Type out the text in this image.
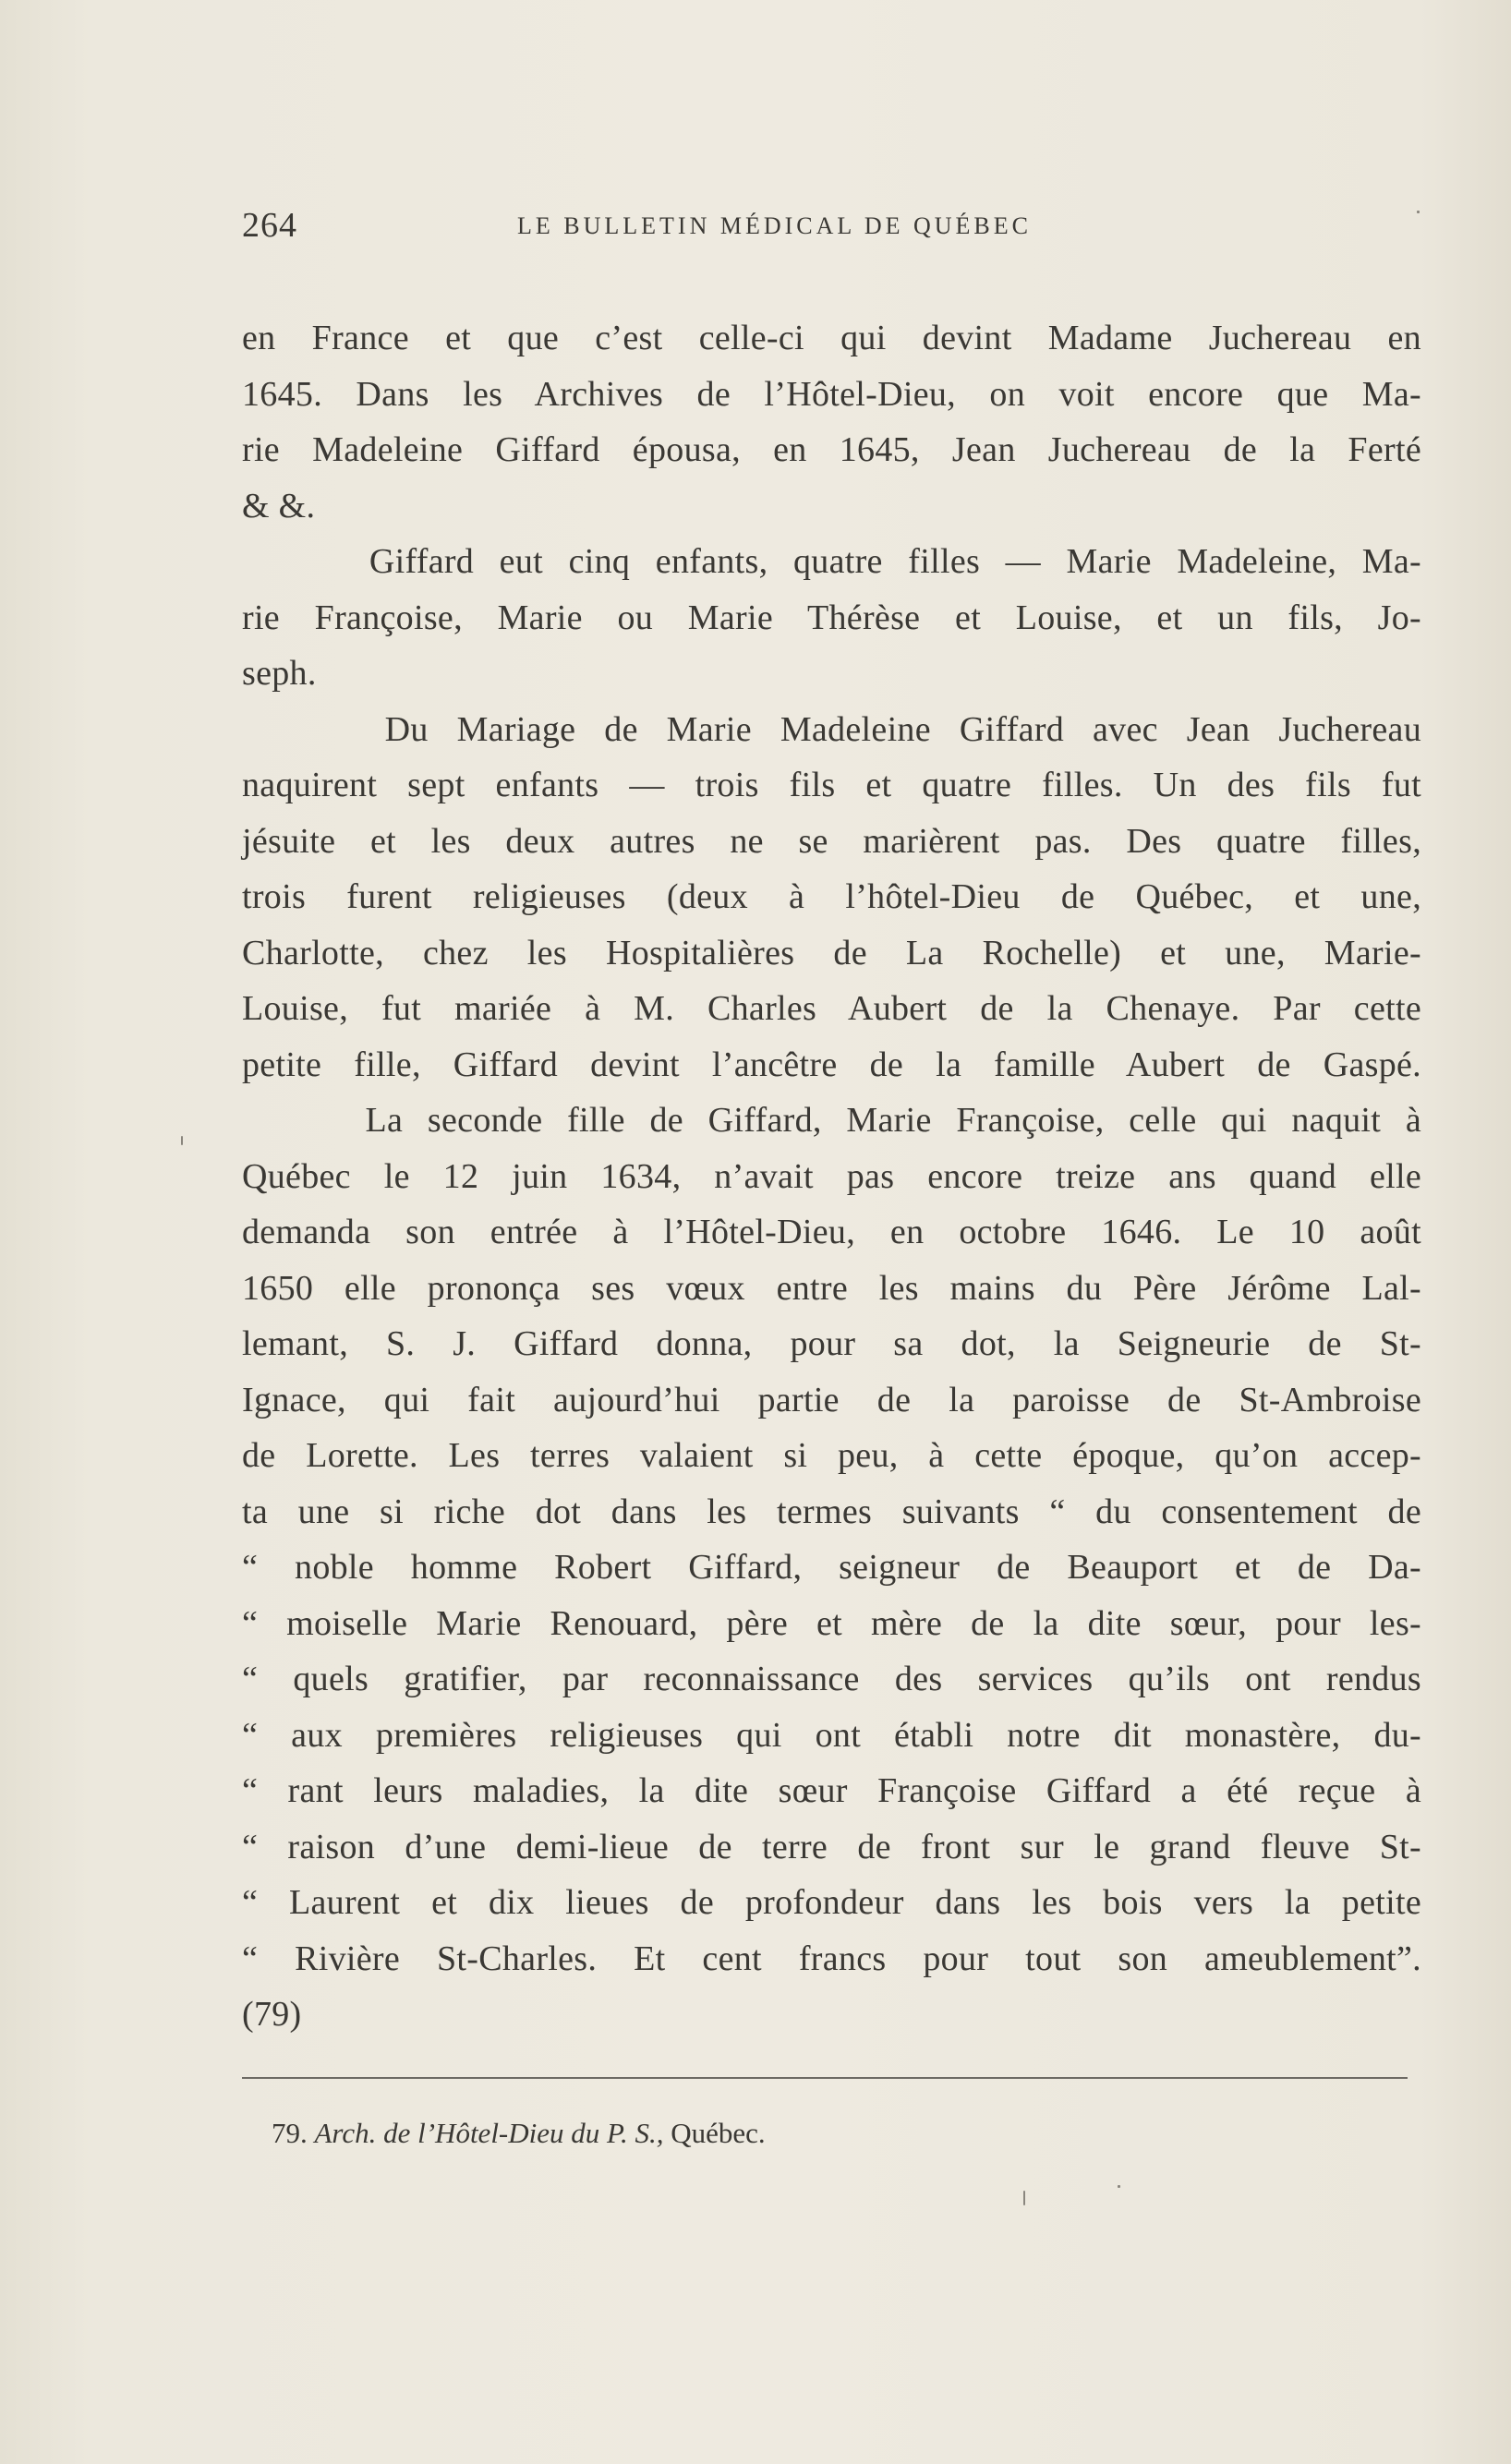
264	LE BULLETIN MÉDICAL DE QUÉBEC
en France et que c’est celle-ci qui devint Madame Juchereau en
1645. Dans les Archives de l’Hôtel-Dieu, on voit encore que Ma-
rie Madeleine Giffard épousa, en 1645, Jean Juchereau de la Ferté
& &.
Giffard eut cinq enfants, quatre filles — Marie Madeleine, Ma-
rie Françoise, Marie ou Marie Thérèse et Louise, et un fils, Jo-
seph.
Du Mariage de Marie Madeleine Giffard avec Jean Juchereau
naquirent sept enfants — trois fils et quatre filles. Un des fils fut
jésuite et les deux autres ne se marièrent pas. Des quatre filles,
trois furent religieuses (deux à l’hôtel-Dieu de Québec, et une,
Charlotte, chez les Hospitalières de La Rochelle) et une, Marie-
Louise, fut mariée à M. Charles Aubert de la Chenaye. Par cette
petite fille, Giffard devint l’ancêtre de la famille Aubert de Gaspé.
La seconde fille de Giffard, Marie Françoise, celle qui naquit à
Québec le 12 juin 1634, n’avait pas encore treize ans quand elle
demanda son entrée à l’Hôtel-Dieu, en octobre 1646. Le 10 août
1650 elle prononça ses vœux entre les mains du Père Jérôme Lal-
lemant, S. J. Giffard donna, pour sa dot, la Seigneurie de St-
Ignace, qui fait aujourd’hui partie de la paroisse de St-Ambroise
de Lorette. Les terres valaient si peu, à cette époque, qu’on accep-
ta une si riche dot dans les termes suivants “ du consentement de
“ noble homme Robert Giffard, seigneur de Beauport et de Da-
“ moiselle Marie Renouard, père et mère de la dite sœur, pour les-
“ quels gratifier, par reconnaissance des services qu’ils ont rendus
“ aux premières religieuses qui ont établi notre dit monastère, du-
“ rant leurs maladies, la dite sœur Françoise Giffard a été reçue à
“ raison d’une demi-lieue de terre de front sur le grand fleuve St-
“ Laurent et dix lieues de profondeur dans les bois vers la petite
“ Rivière St-Charles. Et cent francs pour tout son ameublement”.
(79)
79. Arch. de l’Hôtel-Dieu du P. S., Québec.
